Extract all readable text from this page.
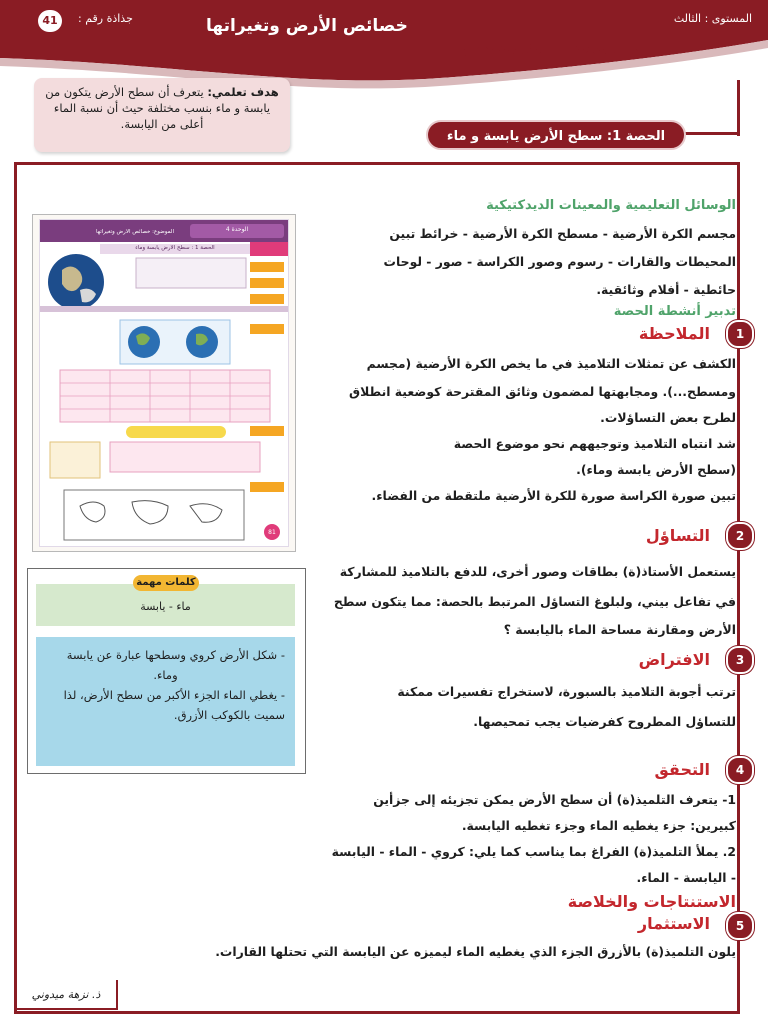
المستوى : الثالث
جذاذة رقم :
41	خصائص الأرض وتغيراتها
النشاط العلمي
هدف تعلمي: يتعرف أن سطح الأرض يتكون من يابسة و ماء بنسب مختلفة حيث أن نسبة الماء أعلى من اليابسة.
الحصة 1: سطح الأرض يابسة و ماء
الوحدة 4
الحصة 1 : سطح الأرض يابسة وماء
الموضوع: خصائص الأرض وتغيراتها
81
ماء - يابسة
كلمات مهمة
- شكل الأرض كروي وسطحها عبارة عن يابسة
وماء.
- يغطي الماء الجزء الأكبر من سطح الأرض، لذا
سميت بالكوكب الأزرق.
الوسائل التعليمية والمعينات الديدكتيكية
مجسم الكرة الأرضية - مسطح الكرة الأرضية - خرائط تبين
المحيطات والقارات - رسوم وصور الكراسة - صور - لوحات
حائطية - أفلام وثائقية.
تدبير أنشطة الحصة
1
الملاحظة
الكشف عن تمثلات التلاميذ في ما يخص الكرة الأرضية (مجسم
ومسطح...). ومجابهتها لمضمون وثائق المقترحة كوضعية انطلاق
لطرح بعض التساؤلات.
شد انتباه التلاميذ وتوجيههم نحو موضوع الحصة
(سطح الأرض يابسة وماء).
تبين صورة الكراسة صورة للكرة الأرضية ملتقطة من الفضاء.
2
التساؤل
يستعمل الأستاذ(ة) بطاقات وصور أخرى، للدفع بالتلاميذ للمشاركة
في تفاعل بيني، ولبلوغ التساؤل المرتبط بالحصة: مما يتكون سطح
الأرض ومقارنة مساحة الماء باليابسة ؟
3
الافتراض
ترتب أجوبة التلاميذ بالسبورة، لاستخراج تفسيرات ممكنة
للتساؤل المطروح كفرضيات يجب تمحيصها.
4
التحقق
1- يتعرف التلميذ(ة) أن سطح الأرض يمكن تجزيئه إلى جزأين
كبيرين: جزء يغطيه الماء وجزء تغطيه اليابسة.
2. يملأ التلميذ(ة) الفراغ بما يناسب كما يلي: كروي - الماء - اليابسة
- اليابسة - الماء.
الاستنتاجات والخلاصة
5
الاستثمار
يلون التلميذ(ة) بالأزرق الجزء الذي يغطيه الماء ليميزه عن اليابسة التي تحتلها القارات.
ذ. نزهة ميدوني
